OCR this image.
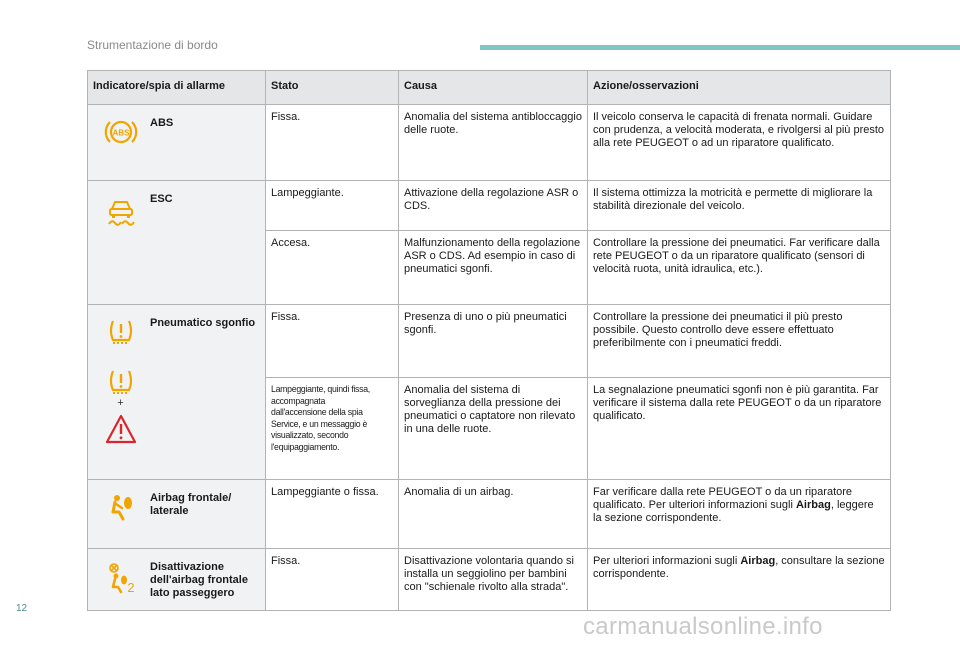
Strumentazione di bordo
Indicatore/spia di allarme	Stato	Causa	Azione/osservazioni

ABS
ABS	Fissa.	Anomalia del sistema antibloccaggio delle ruote.	Il veicolo conserva le capacità di frenata normali. Guidare con prudenza, a velocità moderata, e rivolgersi al più presto alla rete PEUGEOT o ad un riparatore qualificato.

ESC	Lampeggiante.	Attivazione della regolazione ASR o CDS.	Il sistema ottimizza la motricità e permette di migliorare la stabilità direzionale del veicolo.
	Accesa.	Malfunzionamento della regolazione ASR o CDS. Ad esempio in caso di pneumatici sgonfi.	Controllare la pressione dei pneumatici. Far verificare dalla rete PEUGEOT o da un riparatore qualificato (sensori di velocità ruota, unità idraulica, etc.).

Pneumatico sgonfio
+	Fissa.	Presenza di uno o più pneumatici sgonfi.	Controllare la pressione dei pneumatici il più presto possibile. Questo controllo deve essere effettuato preferibilmente con i pneumatici freddi.

	Lampeggiante, quindi fissa, accompagnata dall'accensione della spia Service, e un messaggio è visualizzato, secondo l'equipaggiamento.	Anomalia del sistema di sorveglianza della pressione dei pneumatici o captatore non rilevato in una delle ruote.	La segnalazione pneumatici sgonfi non è più garantita. Far verificare il sistema dalla rete PEUGEOT o da un riparatore qualificato.

Airbag frontale/ laterale	Lampeggiante o fissa.	Anomalia di un airbag.	Far verificare dalla rete PEUGEOT o da un riparatore qualificato. Per ulteriori informazioni sugli Airbag, leggere la sezione corrispondente.

2
Disattivazione dell'airbag frontale lato passeggero	Fissa.	Disattivazione volontaria quando si installa un seggiolino per bambini con "schienale rivolto alla strada".	Per ulteriori informazioni sugli Airbag, consultare la sezione corrispondente.
12
carmanualsonline.info
